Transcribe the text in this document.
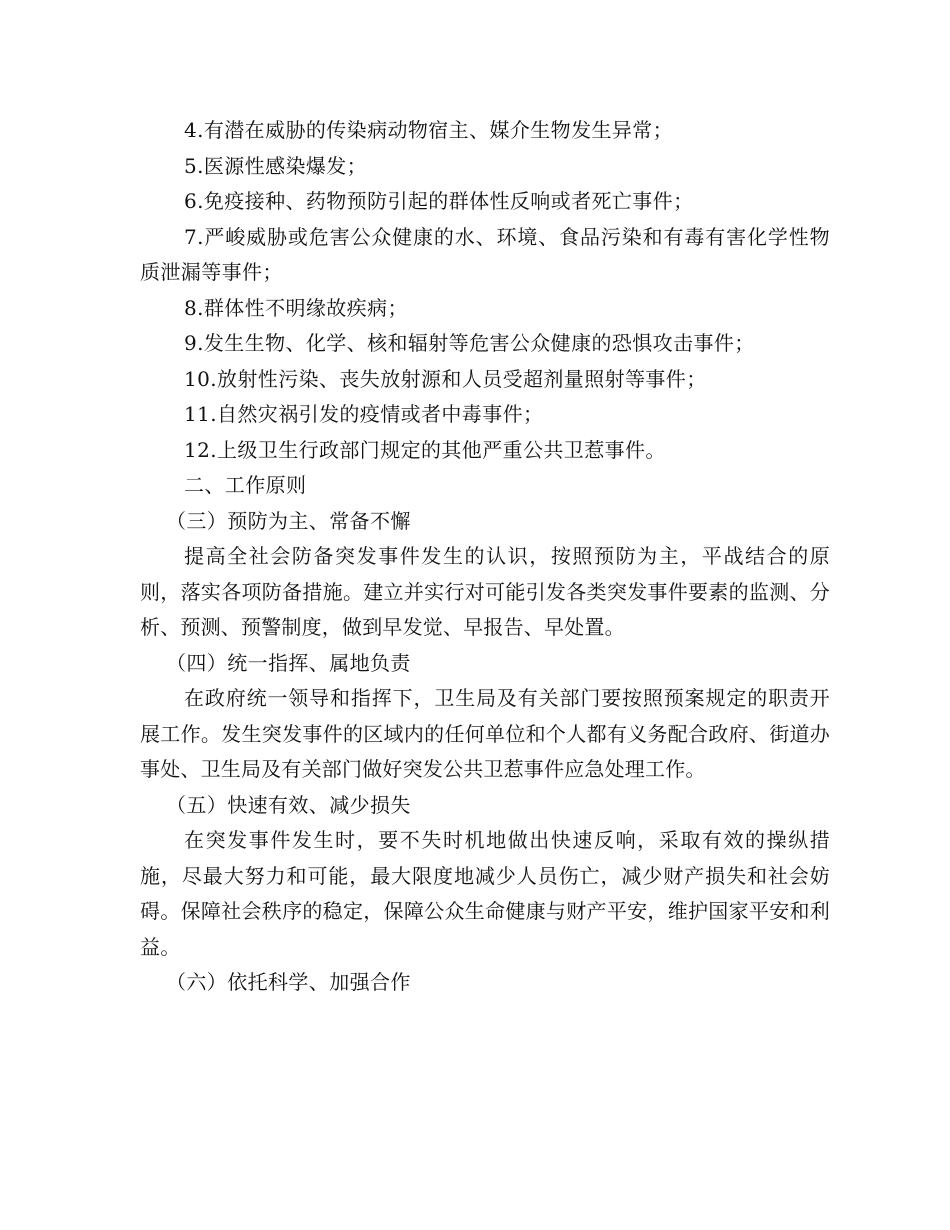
4.有潜在威胁的传染病动物宿主、媒介生物发生异常；

5.医源性感染爆发；

6.免疫接种、药物预防引起的群体性反响或者死亡事件；

7.严峻威胁或危害公众健康的水、环境、食品污染和有毒有害化学性物质泄漏等事件；

8.群体性不明缘故疾病；

9.发生生物、化学、核和辐射等危害公众健康的恐惧攻击事件；

10.放射性污染、丧失放射源和人员受超剂量照射等事件；

11.自然灾祸引发的疫情或者中毒事件；

12.上级卫生行政部门规定的其他严重公共卫惹事件。

二、工作原则

（三）预防为主、常备不懈

提高全社会防备突发事件发生的认识，按照预防为主，平战结合的原则，落实各项防备措施。建立并实行对可能引发各类突发事件要素的监测、分析、预测、预警制度，做到早发觉、早报告、早处置。

（四）统一指挥、属地负责

在政府统一领导和指挥下，卫生局及有关部门要按照预案规定的职责开展工作。发生突发事件的区域内的任何单位和个人都有义务配合政府、街道办事处、卫生局及有关部门做好突发公共卫惹事件应急处理工作。

（五）快速有效、减少损失

在突发事件发生时，要不失时机地做出快速反响，采取有效的操纵措施，尽最大努力和可能，最大限度地减少人员伤亡，减少财产损失和社会妨碍。保障社会秩序的稳定，保障公众生命健康与财产平安，维护国家平安和利益。

（六）依托科学、加强合作
